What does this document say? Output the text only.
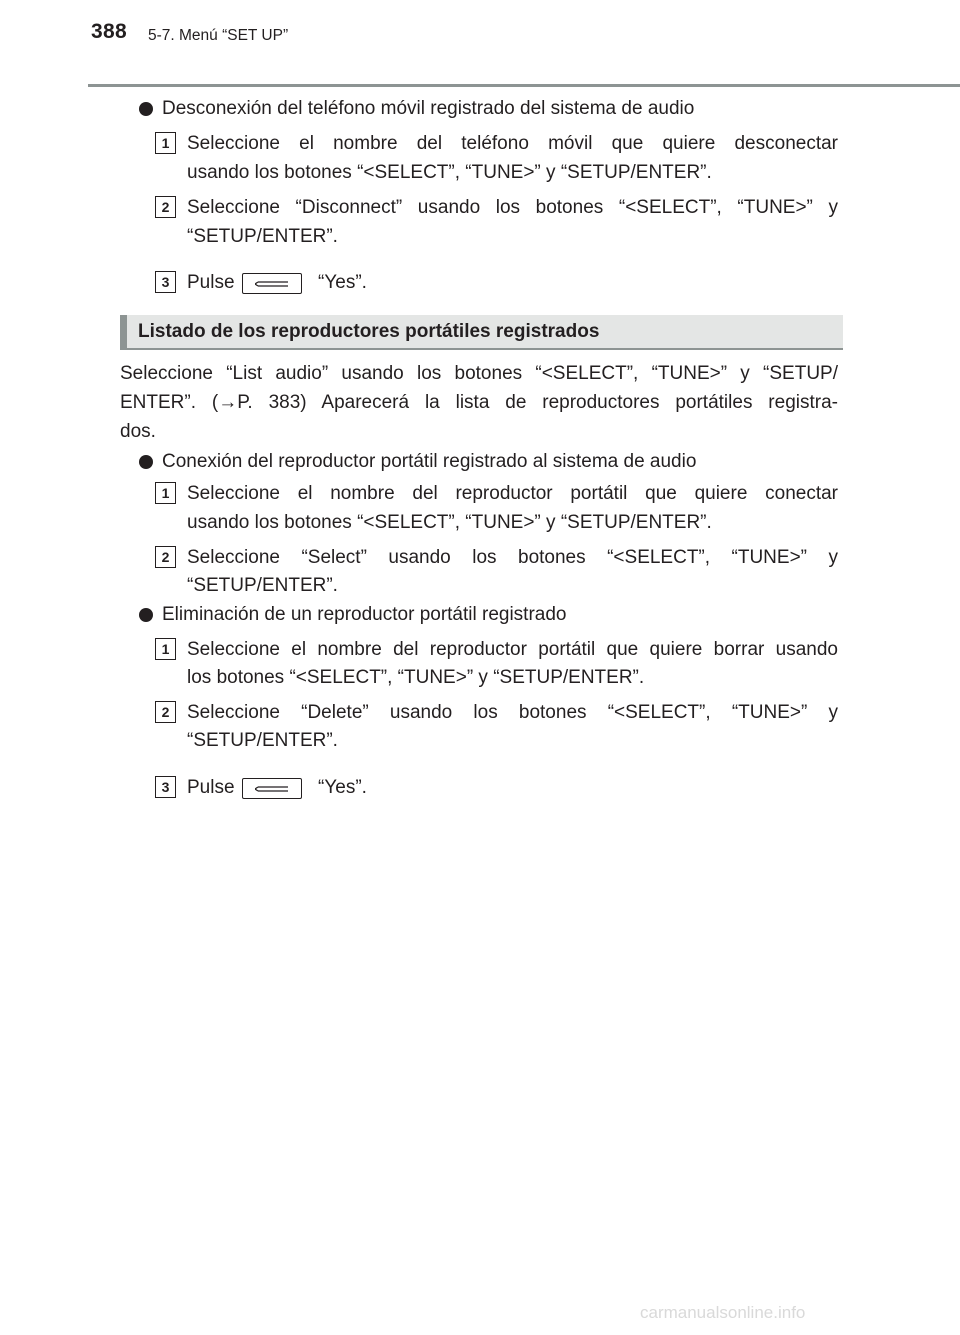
388 5-7. Menú “SET UP”
Desconexión del teléfono móvil registrado del sistema de audio
1 Seleccione el nombre del teléfono móvil que quiere desconectar
usando los botones “<SELECT”, “TUNE>” y “SETUP/ENTER”.
2 Seleccione “Disconnect” usando los botones “<SELECT”, “TUNE>” y
“SETUP/ENTER”.
3 Pulse	“Yes”.
Listado de los reproductores portátiles registrados
Seleccione “List audio” usando los botones “<SELECT”, “TUNE>” y “SETUP/
ENTER”. (→P. 383) Aparecerá la lista de reproductores portátiles registra-
dos.
Conexión del reproductor portátil registrado al sistema de audio
1 Seleccione el nombre del reproductor portátil que quiere conectar
usando los botones “<SELECT”, “TUNE>” y “SETUP/ENTER”.
2 Seleccione “Select” usando los botones “<SELECT”, “TUNE>” y
“SETUP/ENTER”.
Eliminación de un reproductor portátil registrado
1 Seleccione el nombre del reproductor portátil que quiere borrar usando
los botones “<SELECT”, “TUNE>” y “SETUP/ENTER”.
2 Seleccione “Delete” usando los botones “<SELECT”, “TUNE>” y
“SETUP/ENTER”.
3 Pulse	“Yes”.
carmanualsonline.info
